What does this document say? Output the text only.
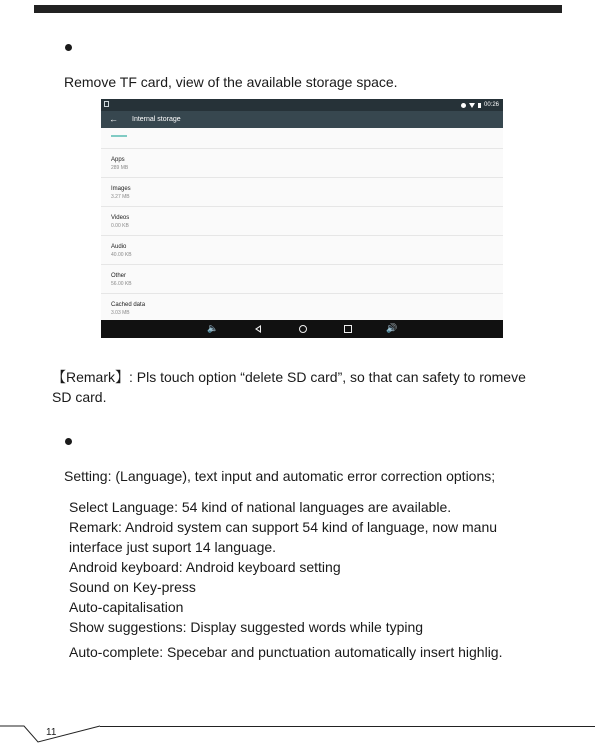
Remove TF card, view of the available storage space.
00:26
← Internal storage
Apps
289 MB
Images
3.27 MB
Videos
0.00 KB
Audio
40.00 KB
Other
56.00 KB
Cached data
3.03 MB
🔈	🔊
【Remark】: Pls touch option “delete SD card”, so that can safety to romeve
SD card.
Setting: (Language), text input and automatic error correction options;
Select Language: 54 kind of national languages are available.
Remark: Android system can support 54 kind of language, now manu
interface just suport 14 language.
Android keyboard: Android keyboard setting
Sound on Key-press
Auto-capitalisation
Show suggestions: Display suggested words while typing
Auto-complete: Specebar and punctuation automatically insert highlig.
11
